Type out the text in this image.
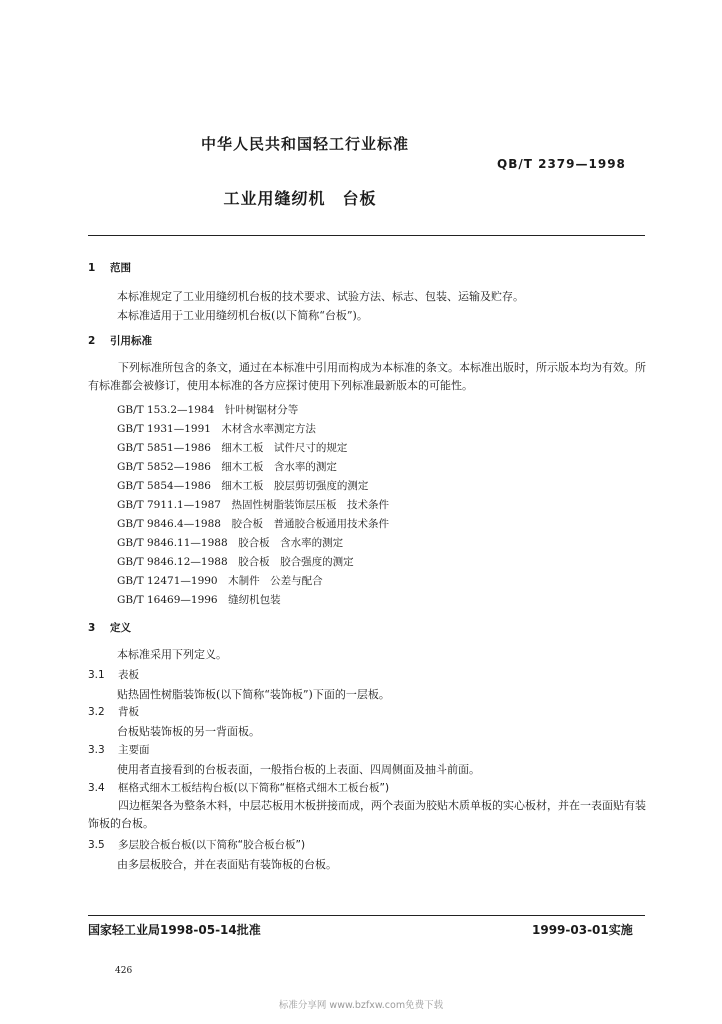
中华人民共和国轻工行业标准
QB/T 2379—1998
工业用缝纫机　台板
1 范围
本标准规定了工业用缝纫机台板的技术要求、试验方法、标志、包装、运输及贮存。
本标准适用于工业用缝纫机台板(以下简称“台板”)。
2 引用标准
下列标准所包含的条文，通过在本标准中引用而构成为本标准的条文。本标准出版时，所示版本均为有效。所有标准都会被修订，使用本标准的各方应探讨使用下列标准最新版本的可能性。
GB/T 153.2—1984　针叶树锯材分等
GB/T 1931—1991　木材含水率测定方法
GB/T 5851—1986　细木工板　试件尺寸的规定
GB/T 5852—1986　细木工板　含水率的测定
GB/T 5854—1986　细木工板　胶层剪切强度的测定
GB/T 7911.1—1987　热固性树脂装饰层压板　技术条件
GB/T 9846.4—1988　胶合板　普通胶合板通用技术条件
GB/T 9846.11—1988　胶合板　含水率的测定
GB/T 9846.12—1988　胶合板　胶合强度的测定
GB/T 12471—1990　木制件　公差与配合
GB/T 16469—1996　缝纫机包装
3 定义
本标准采用下列定义。
3.1 表板
贴热固性树脂装饰板(以下简称“装饰板”)下面的一层板。
3.2 背板
台板贴装饰板的另一背面板。
3.3 主要面
使用者直接看到的台板表面，一般指台板的上表面、四周侧面及抽斗前面。
3.4 框格式细木工板结构台板(以下简称“框格式细木工板台板”)
四边框架各为整条木料，中层芯板用木板拼接而成，两个表面为胶贴木质单板的实心板材，并在一表面贴有装饰板的台板。
3.5 多层胶合板台板(以下简称“胶合板台板”)
由多层板胶合，并在表面贴有装饰板的台板。
国家轻工业局1998-05-14批准	1999-03-01实施
426
标准分享网 www.bzfxw.com免费下载
